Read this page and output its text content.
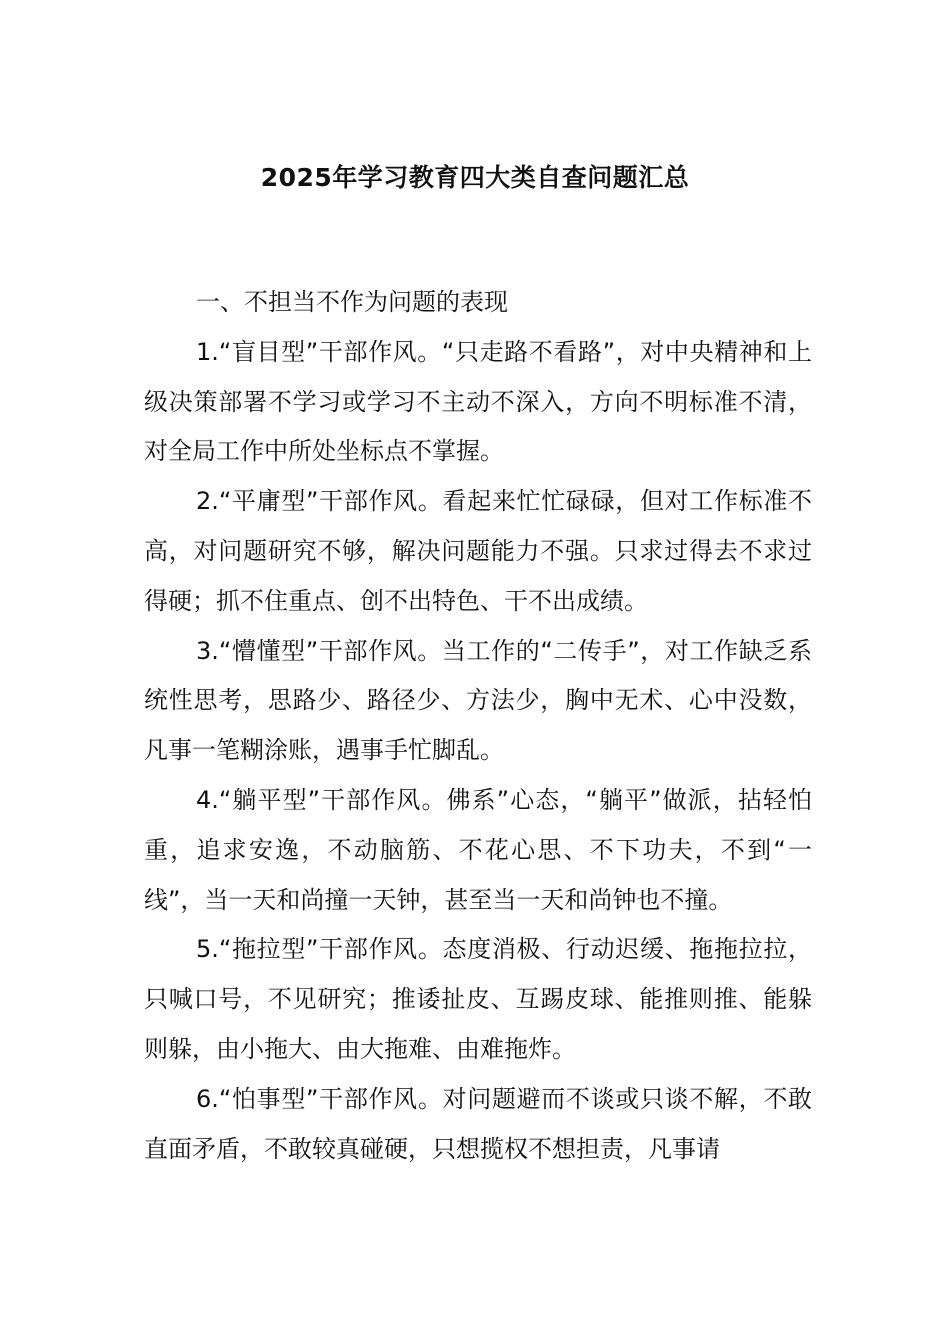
2025年学习教育四大类自查问题汇总

一、不担当不作为问题的表现

1.“盲目型”干部作风。“只走路不看路”，对中央精神和上级决策部署不学习或学习不主动不深入，方向不明标准不清，对全局工作中所处坐标点不掌握。

2.“平庸型”干部作风。看起来忙忙碌碌，但对工作标准不高，对问题研究不够，解决问题能力不强。只求过得去不求过得硬；抓不住重点、创不出特色、干不出成绩。

3.“懵懂型”干部作风。当工作的“二传手”，对工作缺乏系统性思考，思路少、路径少、方法少，胸中无术、心中没数，凡事一笔糊涂账，遇事手忙脚乱。

4.“躺平型”干部作风。佛系”心态，“躺平”做派，拈轻怕重，追求安逸，不动脑筋、不花心思、不下功夫，不到“一线”，当一天和尚撞一天钟，甚至当一天和尚钟也不撞。

5.“拖拉型”干部作风。态度消极、行动迟缓、拖拖拉拉，只喊口号，不见研究；推诿扯皮、互踢皮球、能推则推、能躲则躲，由小拖大、由大拖难、由难拖炸。

6.“怕事型”干部作风。对问题避而不谈或只谈不解，不敢直面矛盾，不敢较真碰硬，只想揽权不想担责，凡事请
